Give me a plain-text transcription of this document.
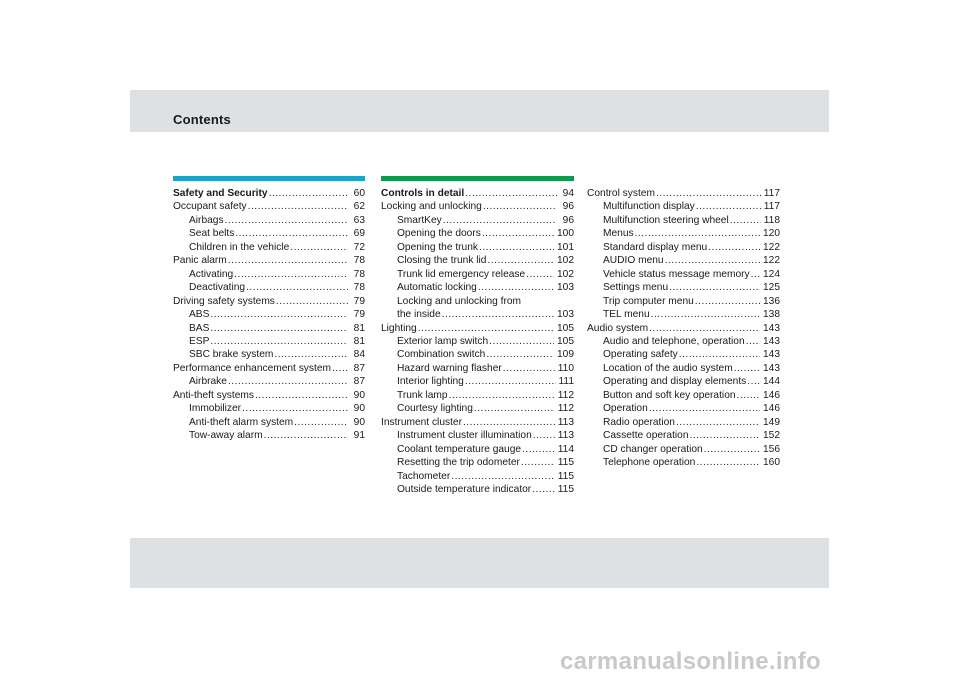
Contents
Safety and Security .....	60
Occupant safety .....	62
Airbags .....	63
Seat belts .....	69
Children in the vehicle .....	72
Panic alarm .....	78
Activating .....	78
Deactivating .....	78
Driving safety systems .....	79
ABS .....	79
BAS .....	81
ESP .....	81
SBC brake system .....	84
Performance enhancement system ..... 87
Airbrake .....	87
Anti-theft systems .....	90
Immobilizer .....	90
Anti-theft alarm system .....	90
Tow-away alarm .....	91
Controls in detail .....	94
Locking and unlocking .....	96
SmartKey .....	96
Opening the doors .....	100
Opening the trunk .....	101
Closing the trunk lid .....	102
Trunk lid emergency release .....	102
Automatic locking .....	103
Locking and unlocking from
the inside .....	103
Lighting .....	105
Exterior lamp switch .....	105
Combination switch .....	109
Hazard warning flasher .....	110
Interior lighting .....	111
Trunk lamp .....	112
Courtesy lighting .....	112
Instrument cluster .....	113
Instrument cluster illumination .....	113
Coolant temperature gauge .....	114
Resetting the trip odometer .....	115
Tachometer .....	115
Outside temperature indicator .....	115
Control system .....	117
Multifunction display .....	117
Multifunction steering wheel .....	118
Menus .....	120
Standard display menu .....	122
AUDIO menu .....	122
Vehicle status message memory ..... 124
Settings menu .....	125
Trip computer menu .....	136
TEL menu .....	138
Audio system .....	143
Audio and telephone, operation ..... 143
Operating safety .....	143
Location of the audio system .....	143
Operating and display elements ..... 144
Button and soft key operation .....	146
Operation .....	146
Radio operation .....	149
Cassette operation .....	152
CD changer operation .....	156
Telephone operation .....	160
carmanualsonline.info
